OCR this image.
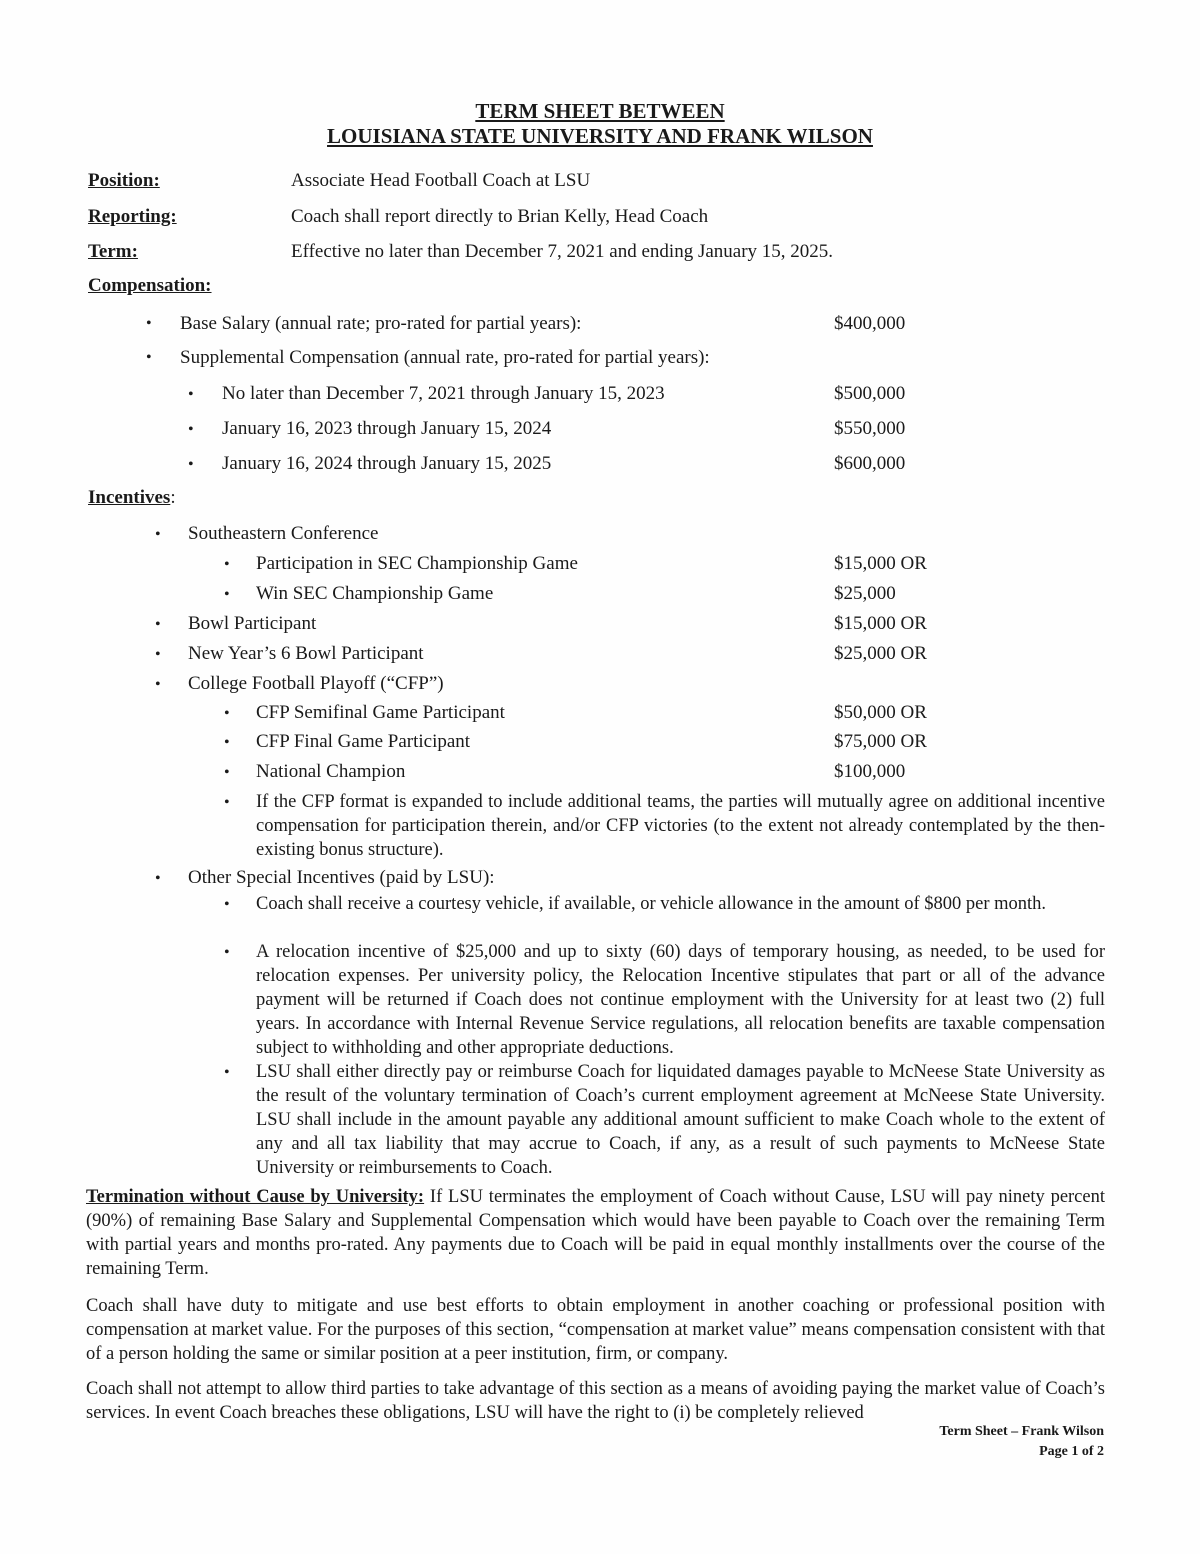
TERM SHEET BETWEEN
LOUISIANA STATE UNIVERSITY AND FRANK WILSON
Position:	Associate Head Football Coach at LSU
Reporting:	Coach shall report directly to Brian Kelly, Head Coach
Term:	Effective no later than December 7, 2021 and ending January 15, 2025.
Compensation:
• Base Salary (annual rate; pro-rated for partial years):	$400,000
• Supplemental Compensation (annual rate, pro-rated for partial years):
• No later than December 7, 2021 through January 15, 2023	$500,000
• January 16, 2023 through January 15, 2024	$550,000
• January 16, 2024 through January 15, 2025	$600,000
Incentives:
• Southeastern Conference
• Participation in SEC Championship Game	$15,000 OR
• Win SEC Championship Game	$25,000
• Bowl Participant	$15,000 OR
• New Year’s 6 Bowl Participant	$25,000 OR
• College Football Playoff (“CFP”)
• CFP Semifinal Game Participant	$50,000 OR
• CFP Final Game Participant	$75,000 OR
• National Champion	$100,000
• If the CFP format is expanded to include additional teams, the parties will mutually agree on additional incentive compensation for participation therein, and/or CFP victories (to the extent not already contemplated by the then-existing bonus structure).
• Other Special Incentives (paid by LSU):
• Coach shall receive a courtesy vehicle, if available, or vehicle allowance in the amount of $800 per month.
• A relocation incentive of $25,000 and up to sixty (60) days of temporary housing, as needed, to be used for relocation expenses. Per university policy, the Relocation Incentive stipulates that part or all of the advance payment will be returned if Coach does not continue employment with the University for at least two (2) full years. In accordance with Internal Revenue Service regulations, all relocation benefits are taxable compensation subject to withholding and other appropriate deductions.
• LSU shall either directly pay or reimburse Coach for liquidated damages payable to McNeese State University as the result of the voluntary termination of Coach’s current employment agreement at McNeese State University. LSU shall include in the amount payable any additional amount sufficient to make Coach whole to the extent of any and all tax liability that may accrue to Coach, if any, as a result of such payments to McNeese State University or reimbursements to Coach.
Termination without Cause by University: If LSU terminates the employment of Coach without Cause, LSU will pay ninety percent (90%) of remaining Base Salary and Supplemental Compensation which would have been payable to Coach over the remaining Term with partial years and months pro-rated. Any payments due to Coach will be paid in equal monthly installments over the course of the remaining Term.
Coach shall have duty to mitigate and use best efforts to obtain employment in another coaching or professional position with compensation at market value. For the purposes of this section, “compensation at market value” means compensation consistent with that of a person holding the same or similar position at a peer institution, firm, or company.
Coach shall not attempt to allow third parties to take advantage of this section as a means of avoiding paying the market value of Coach’s services. In event Coach breaches these obligations, LSU will have the right to (i) be completely relieved
Term Sheet – Frank Wilson
Page 1 of 2
